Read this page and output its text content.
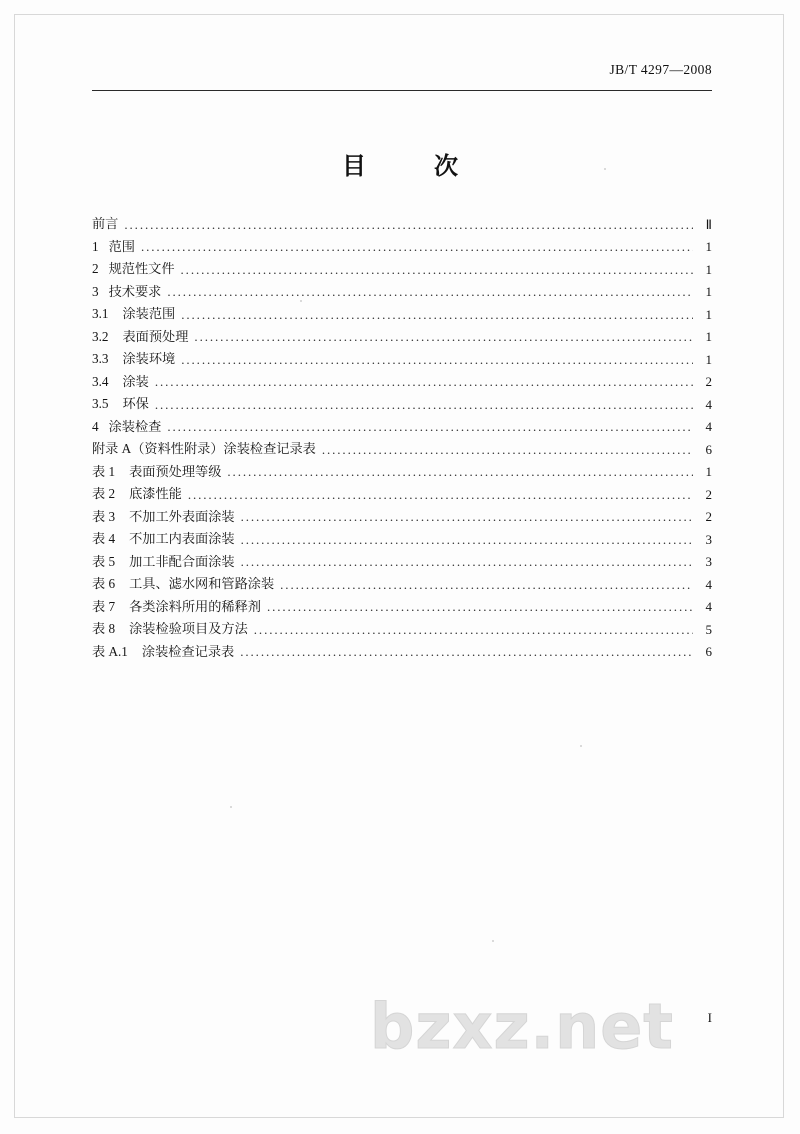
JB/T 4297—2008
目　次
前言 .....	Ⅱ
1 范围 .....	1
2 规范性文件 .....	1
3 技术要求 .....	1
3.1 涂装范围 .....	1
3.2 表面预处理 .....	1
3.3 涂装环境 .....	1
3.4 涂装 .....	2
3.5 环保 .....	4
4 涂装检查 .....	4
附录 A（资料性附录）涂装检查记录表 .....	6
表 1 表面预处理等级 .....	1
表 2 底漆性能 .....	2
表 3 不加工外表面涂装 .....	2
表 4 不加工内表面涂装 .....	3
表 5 加工非配合面涂装 .....	3
表 6 工具、滤水网和管路涂装 .....	4
表 7 各类涂料所用的稀释剂 .....	4
表 8 涂装检验项目及方法 .....	5
表 A.1 涂装检查记录表 .....	6
bzxz.net	I
